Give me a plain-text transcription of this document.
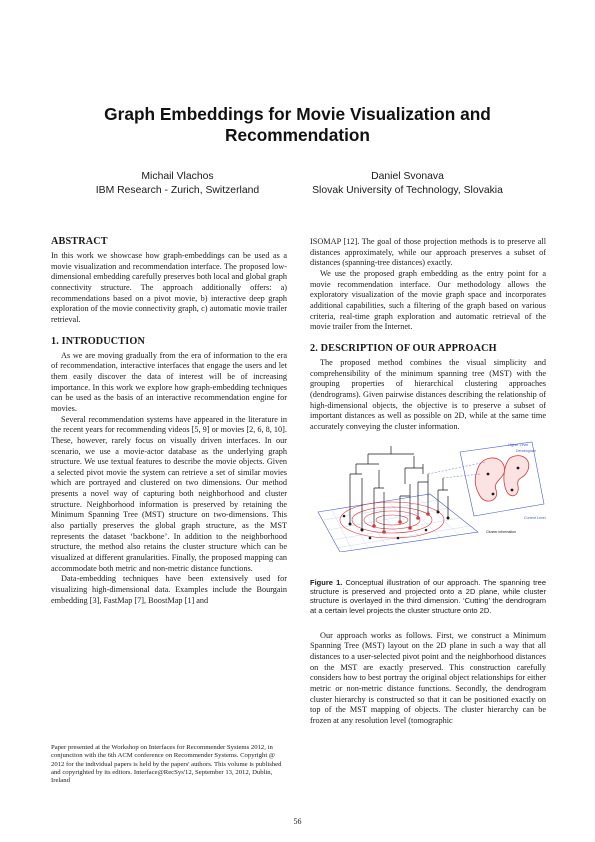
Graph Embeddings for Movie Visualization and Recommendation
Michail Vlachos
IBM Research - Zurich, Switzerland
Daniel Svonava
Slovak University of Technology, Slovakia
ABSTRACT

In this work we showcase how graph-embeddings can be used as a movie visualization and recommendation interface. The proposed low-dimensional embedding carefully preserves both local and global graph connectivity structure. The approach additionally offers: a) recommendations based on a pivot movie, b) interactive deep graph exploration of the movie connectivity graph, c) automatic movie trailer retrieval.

1. INTRODUCTION

As we are moving gradually from the era of information to the era of recommendation, interactive interfaces that engage the users and let them easily discover the data of interest will be of increasing importance. In this work we explore how graph-embedding techniques can be used as the basis of an interactive recommendation engine for movies.

Several recommendation systems have appeared in the literature in the recent years for recommending videos [5, 9] or movies [2, 6, 8, 10]. These, however, rarely focus on visually driven interfaces. In our scenario, we use a movie-actor database as the underlying graph structure. We use textual features to describe the movie objects. Given a selected pivot movie the system can retrieve a set of similar movies which are portrayed and clustered on two dimensions. Our method presents a novel way of capturing both neighborhood and cluster structure. Neighborhood information is preserved by retaining the Minimum Spanning Tree (MST) structure on two-dimensions. This also partially preserves the global graph structure, as the MST represents the dataset ‘backbone’. In addition to the neighborhood structure, the method also retains the cluster structure which can be visualized at different granularities. Finally, the proposed mapping can accommodate both metric and non-metric distance functions.

Data-embedding techniques have been extensively used for visualizing high-dimensional data. Examples include the Bourgain embedding [3], FastMap [7], BoostMap [1] and

Paper presented at the Workshop on Interfaces for Recommender Systems 2012, in conjunction with the 6th ACM conference on Recommender Systems. Copyright @ 2012 for the individual papers is held by the papers' authors. This volume is published and copyrighted by its editors. Interface@RecSys'12, September 13, 2012, Dublin, Ireland

ISOMAP [12]. The goal of those projection methods is to preserve all distances approximately, while our approach preserves a subset of distances (spanning-tree distances) exactly.

We use the proposed graph embedding as the entry point for a movie recommendation interface. Our methodology allows the exploratory visualization of the movie graph space and incorporates additional capabilities, such a filtering of the graph based on various criteria, real-time graph exploration and automatic retrieval of the movie trailer from the Internet.

2. DESCRIPTION OF OUR APPROACH

The proposed method combines the visual simplicity and comprehensibility of the minimum spanning tree (MST) with the grouping properties of hierarchical clustering approaches (dendrograms). Given pairwise distances describing the relationship of high-dimensional objects, the objective is to preserve a subset of important distances as well as possible on 2D, while at the same time accurately conveying the cluster information.

Higher Level
Dendrogram
Current Level
Cluster information
Figure 1. Conceptual illustration of our approach. The spanning tree structure is preserved and projected onto a 2D plane, while cluster structure is overlayed in the third dimension. ‘Cutting’ the dendrogram at a certain level projects the cluster structure onto 2D.

Our approach works as follows. First, we construct a Minimum Spanning Tree (MST) layout on the 2D plane in such a way that all distances to a user-selected pivot point and the neighborhood distances on the MST are exactly preserved. This construction carefully considers how to best portray the original object relationships for either metric or non-metric distance functions. Secondly, the dendrogram cluster hierarchy is constructed so that it can be positioned exactly on top of the MST mapping of objects. The cluster hierarchy can be frozen at any resolution level (tomographic

56
